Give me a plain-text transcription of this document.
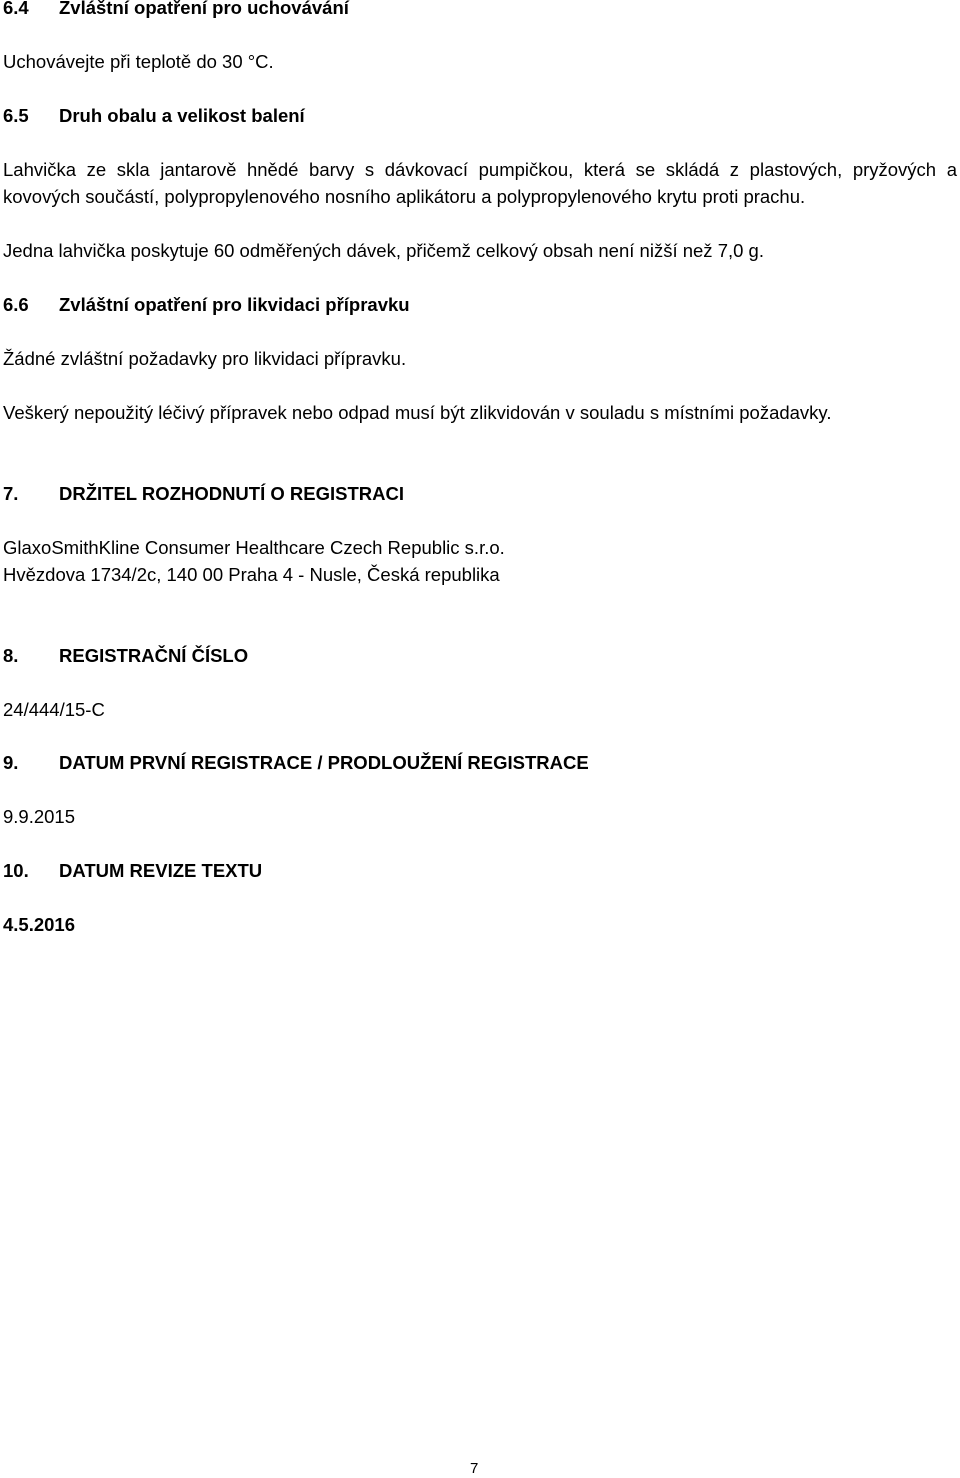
6.4 Zvláštní opatření pro uchovávání
Uchovávejte při teplotě do 30 °C.
6.5 Druh obalu a velikost balení
Lahvička ze skla jantarově hnědé barvy s dávkovací pumpičkou, která se skládá z plastových, pryžových a
kovových součástí, polypropylenového nosního aplikátoru a polypropylenového krytu proti prachu.
Jedna lahvička poskytuje 60 odměřených dávek, přičemž celkový obsah není nižší než 7,0 g.
6.6 Zvláštní opatření pro likvidaci přípravku
Žádné zvláštní požadavky pro likvidaci přípravku.
Veškerý nepoužitý léčivý přípravek nebo odpad musí být zlikvidován v souladu s místními požadavky.
7. DRŽITEL ROZHODNUTÍ O REGISTRACI
GlaxoSmithKline Consumer Healthcare Czech Republic s.r.o.
Hvězdova 1734/2c, 140 00 Praha 4 - Nusle, Česká republika
8. REGISTRAČNÍ ČÍSLO
24/444/15-C
9. DATUM PRVNÍ REGISTRACE / PRODLOUŽENÍ REGISTRACE
9.9.2015
10. DATUM REVIZE TEXTU
4.5.2016
7
